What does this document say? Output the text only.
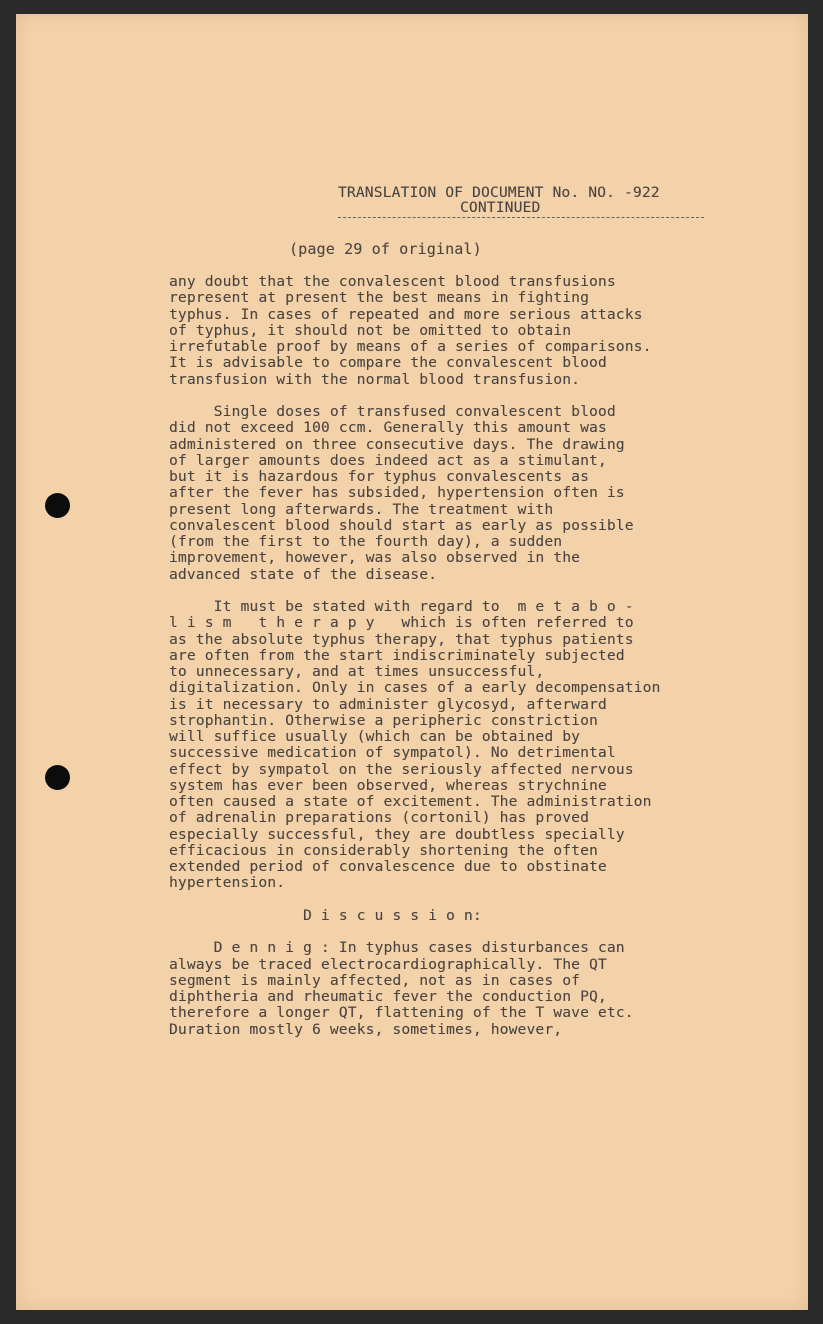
TRANSLATION OF DOCUMENT No. NO. -922
CONTINUED
(page 29 of original)
any doubt that the convalescent blood transfusions
represent at present the best means in fighting
typhus. In cases of repeated and more serious attacks
of typhus, it should not be omitted to obtain
irrefutable proof by means of a series of comparisons.
It is advisable to compare the convalescent blood
transfusion with the normal blood transfusion.
Single doses of transfused convalescent blood
did not exceed 100 ccm. Generally this amount was
administered on three consecutive days. The drawing
of larger amounts does indeed act as a stimulant,
but it is hazardous for typhus convalescents as
after the fever has subsided, hypertension often is
present long afterwards. The treatment with
convalescent blood should start as early as possible
(from the first to the fourth day), a sudden
improvement, however, was also observed in the
advanced state of the disease.
It must be stated with regard to  m e t a b o -
l i s m   t h e r a p y   which is often referred to
as the absolute typhus therapy, that typhus patients
are often from the start indiscriminately subjected
to unnecessary, and at times unsuccessful,
digitalization. Only in cases of a early decompensation
is it necessary to administer glycosyd, afterward
strophantin. Otherwise a peripheric constriction
will suffice usually (which can be obtained by
successive medication of sympatol). No detrimental
effect by sympatol on the seriously affected nervous
system has ever been observed, whereas strychnine
often caused a state of excitement. The administration
of adrenalin preparations (cortonil) has proved
especially successful, they are doubtless specially
efficacious in considerably shortening the often
extended period of convalescence due to obstinate
hypertension.
D i s c u s s i o n:
D e n n i g : In typhus cases disturbances can
always be traced electrocardiographically. The QT
segment is mainly affected, not as in cases of
diphtheria and rheumatic fever the conduction PQ,
therefore a longer QT, flattening of the T wave etc.
Duration mostly 6 weeks, sometimes, however,
